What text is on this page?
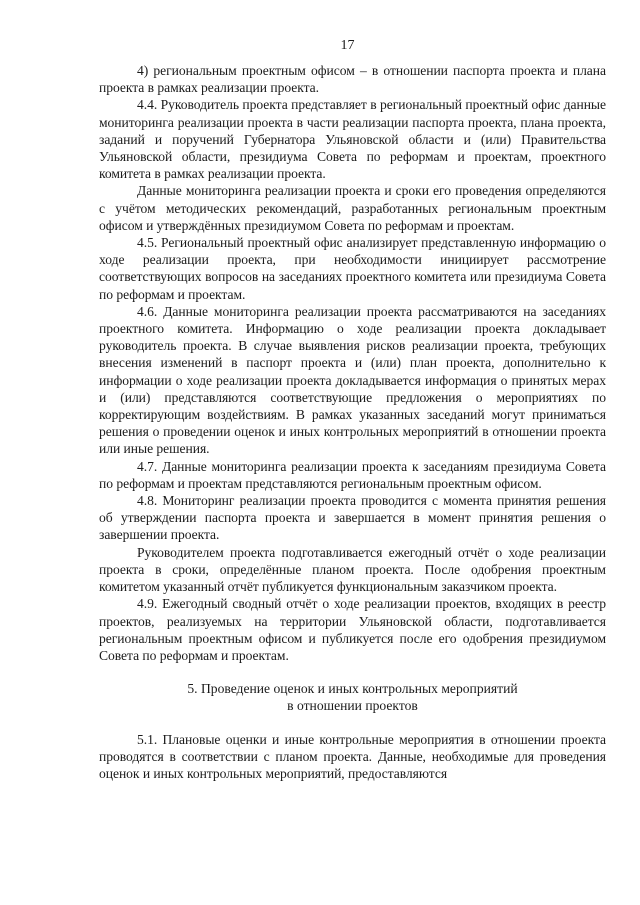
17

4) региональным проектным офисом – в отношении паспорта проекта и плана проекта в рамках реализации проекта.

4.4. Руководитель проекта представляет в региональный проектный офис данные мониторинга реализации проекта в части реализации паспорта проекта, плана проекта, заданий и поручений Губернатора Ульяновской области и (или) Правительства Ульяновской области, президиума Совета по реформам и проектам, проектного комитета в рамках реализации проекта.

Данные мониторинга реализации проекта и сроки его проведения определяются с учётом методических рекомендаций, разработанных региональным проектным офисом и утверждённых президиумом Совета по реформам и проектам.

4.5. Региональный проектный офис анализирует представленную информацию о ходе реализации проекта, при необходимости инициирует рассмотрение соответствующих вопросов на заседаниях проектного комитета или президиума Совета по реформам и проектам.

4.6. Данные мониторинга реализации проекта рассматриваются на заседаниях проектного комитета. Информацию о ходе реализации проекта докладывает руководитель проекта. В случае выявления рисков реализации проекта, требующих внесения изменений в паспорт проекта и (или) план проекта, дополнительно к информации о ходе реализации проекта докладывается информация о принятых мерах и (или) представляются соответствующие предложения о мероприятиях по корректирующим воздействиям. В рамках указанных заседаний могут приниматься решения о проведении оценок и иных контрольных мероприятий в отношении проекта или иные решения.

4.7. Данные мониторинга реализации проекта к заседаниям президиума Совета по реформам и проектам представляются региональным проектным офисом.

4.8. Мониторинг реализации проекта проводится с момента принятия решения об утверждении паспорта проекта и завершается в момент принятия решения о завершении проекта.

Руководителем проекта подготавливается ежегодный отчёт о ходе реализации проекта в сроки, определённые планом проекта. После одобрения проектным комитетом указанный отчёт публикуется функциональным заказчиком проекта.

4.9. Ежегодный сводный отчёт о ходе реализации проектов, входящих в реестр проектов, реализуемых на территории Ульяновской области, подготавливается региональным проектным офисом и публикуется после его одобрения президиумом Совета по реформам и проектам.

5. Проведение оценок и иных контрольных мероприятий

в отношении проектов

5.1. Плановые оценки и иные контрольные мероприятия в отношении проекта проводятся в соответствии с планом проекта. Данные, необходимые для проведения оценок и иных контрольных мероприятий, предоставляются
